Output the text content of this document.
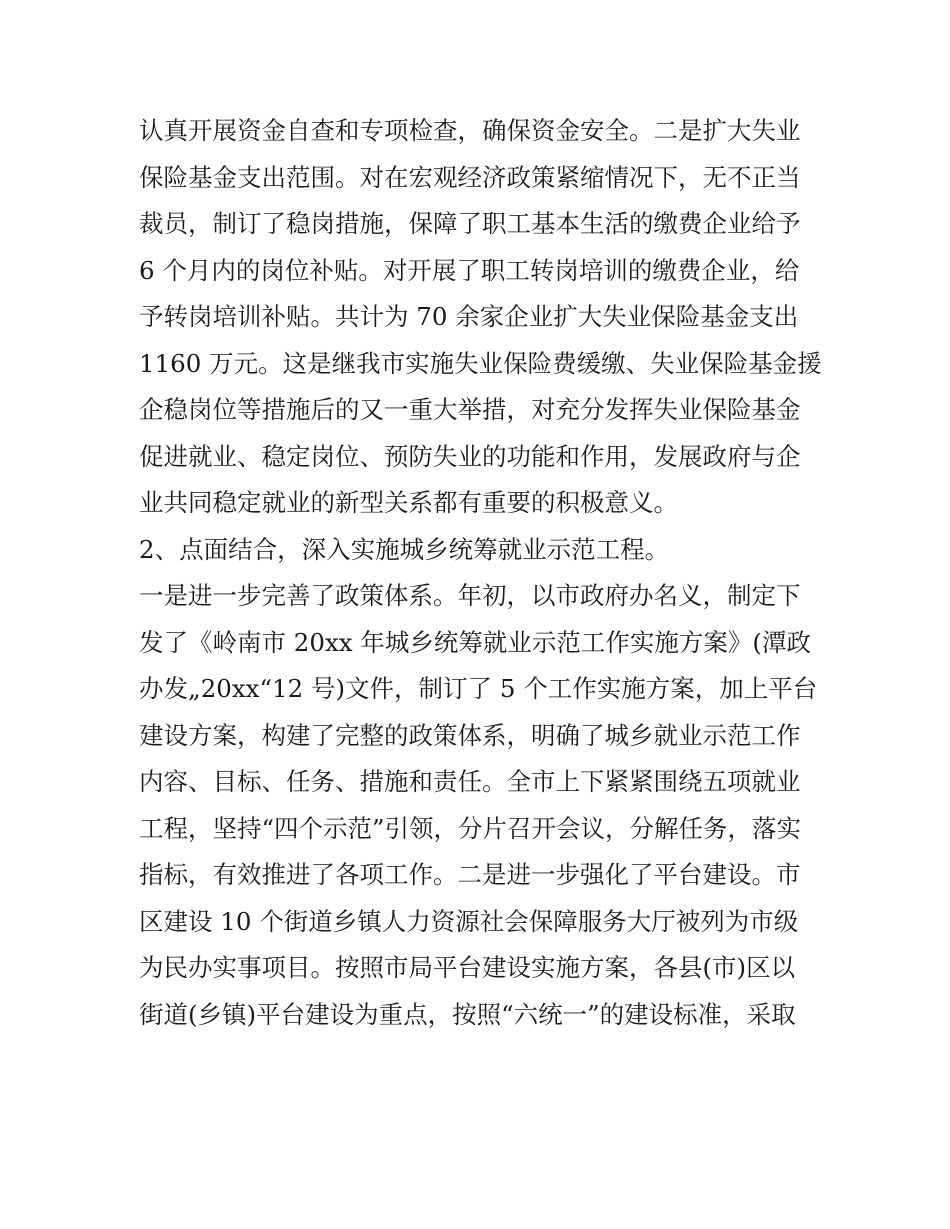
认真开展资金自查和专项检查，确保资金安全。二是扩大失业
保险基金支出范围。对在宏观经济政策紧缩情况下，无不正当
裁员，制订了稳岗措施，保障了职工基本生活的缴费企业给予
6 个月内的岗位补贴。对开展了职工转岗培训的缴费企业，给
予转岗培训补贴。共计为 70 余家企业扩大失业保险基金支出
1160 万元。这是继我市实施失业保险费缓缴、失业保险基金援
企稳岗位等措施后的又一重大举措，对充分发挥失业保险基金
促进就业、稳定岗位、预防失业的功能和作用，发展政府与企
业共同稳定就业的新型关系都有重要的积极意义。
2、点面结合，深入实施城乡统筹就业示范工程。
一是进一步完善了政策体系。年初，以市政府办名义，制定下
发了《岭南市 20xx 年城乡统筹就业示范工作实施方案》(潭政
办发„20xx“12 号)文件，制订了 5 个工作实施方案，加上平台
建设方案，构建了完整的政策体系，明确了城乡就业示范工作
内容、目标、任务、措施和责任。全市上下紧紧围绕五项就业
工程，坚持“四个示范”引领，分片召开会议，分解任务，落实
指标，有效推进了各项工作。二是进一步强化了平台建设。市
区建设 10 个街道乡镇人力资源社会保障服务大厅被列为市级
为民办实事项目。按照市局平台建设实施方案，各县(市)区以
街道(乡镇)平台建设为重点，按照“六统一”的建设标准，采取
